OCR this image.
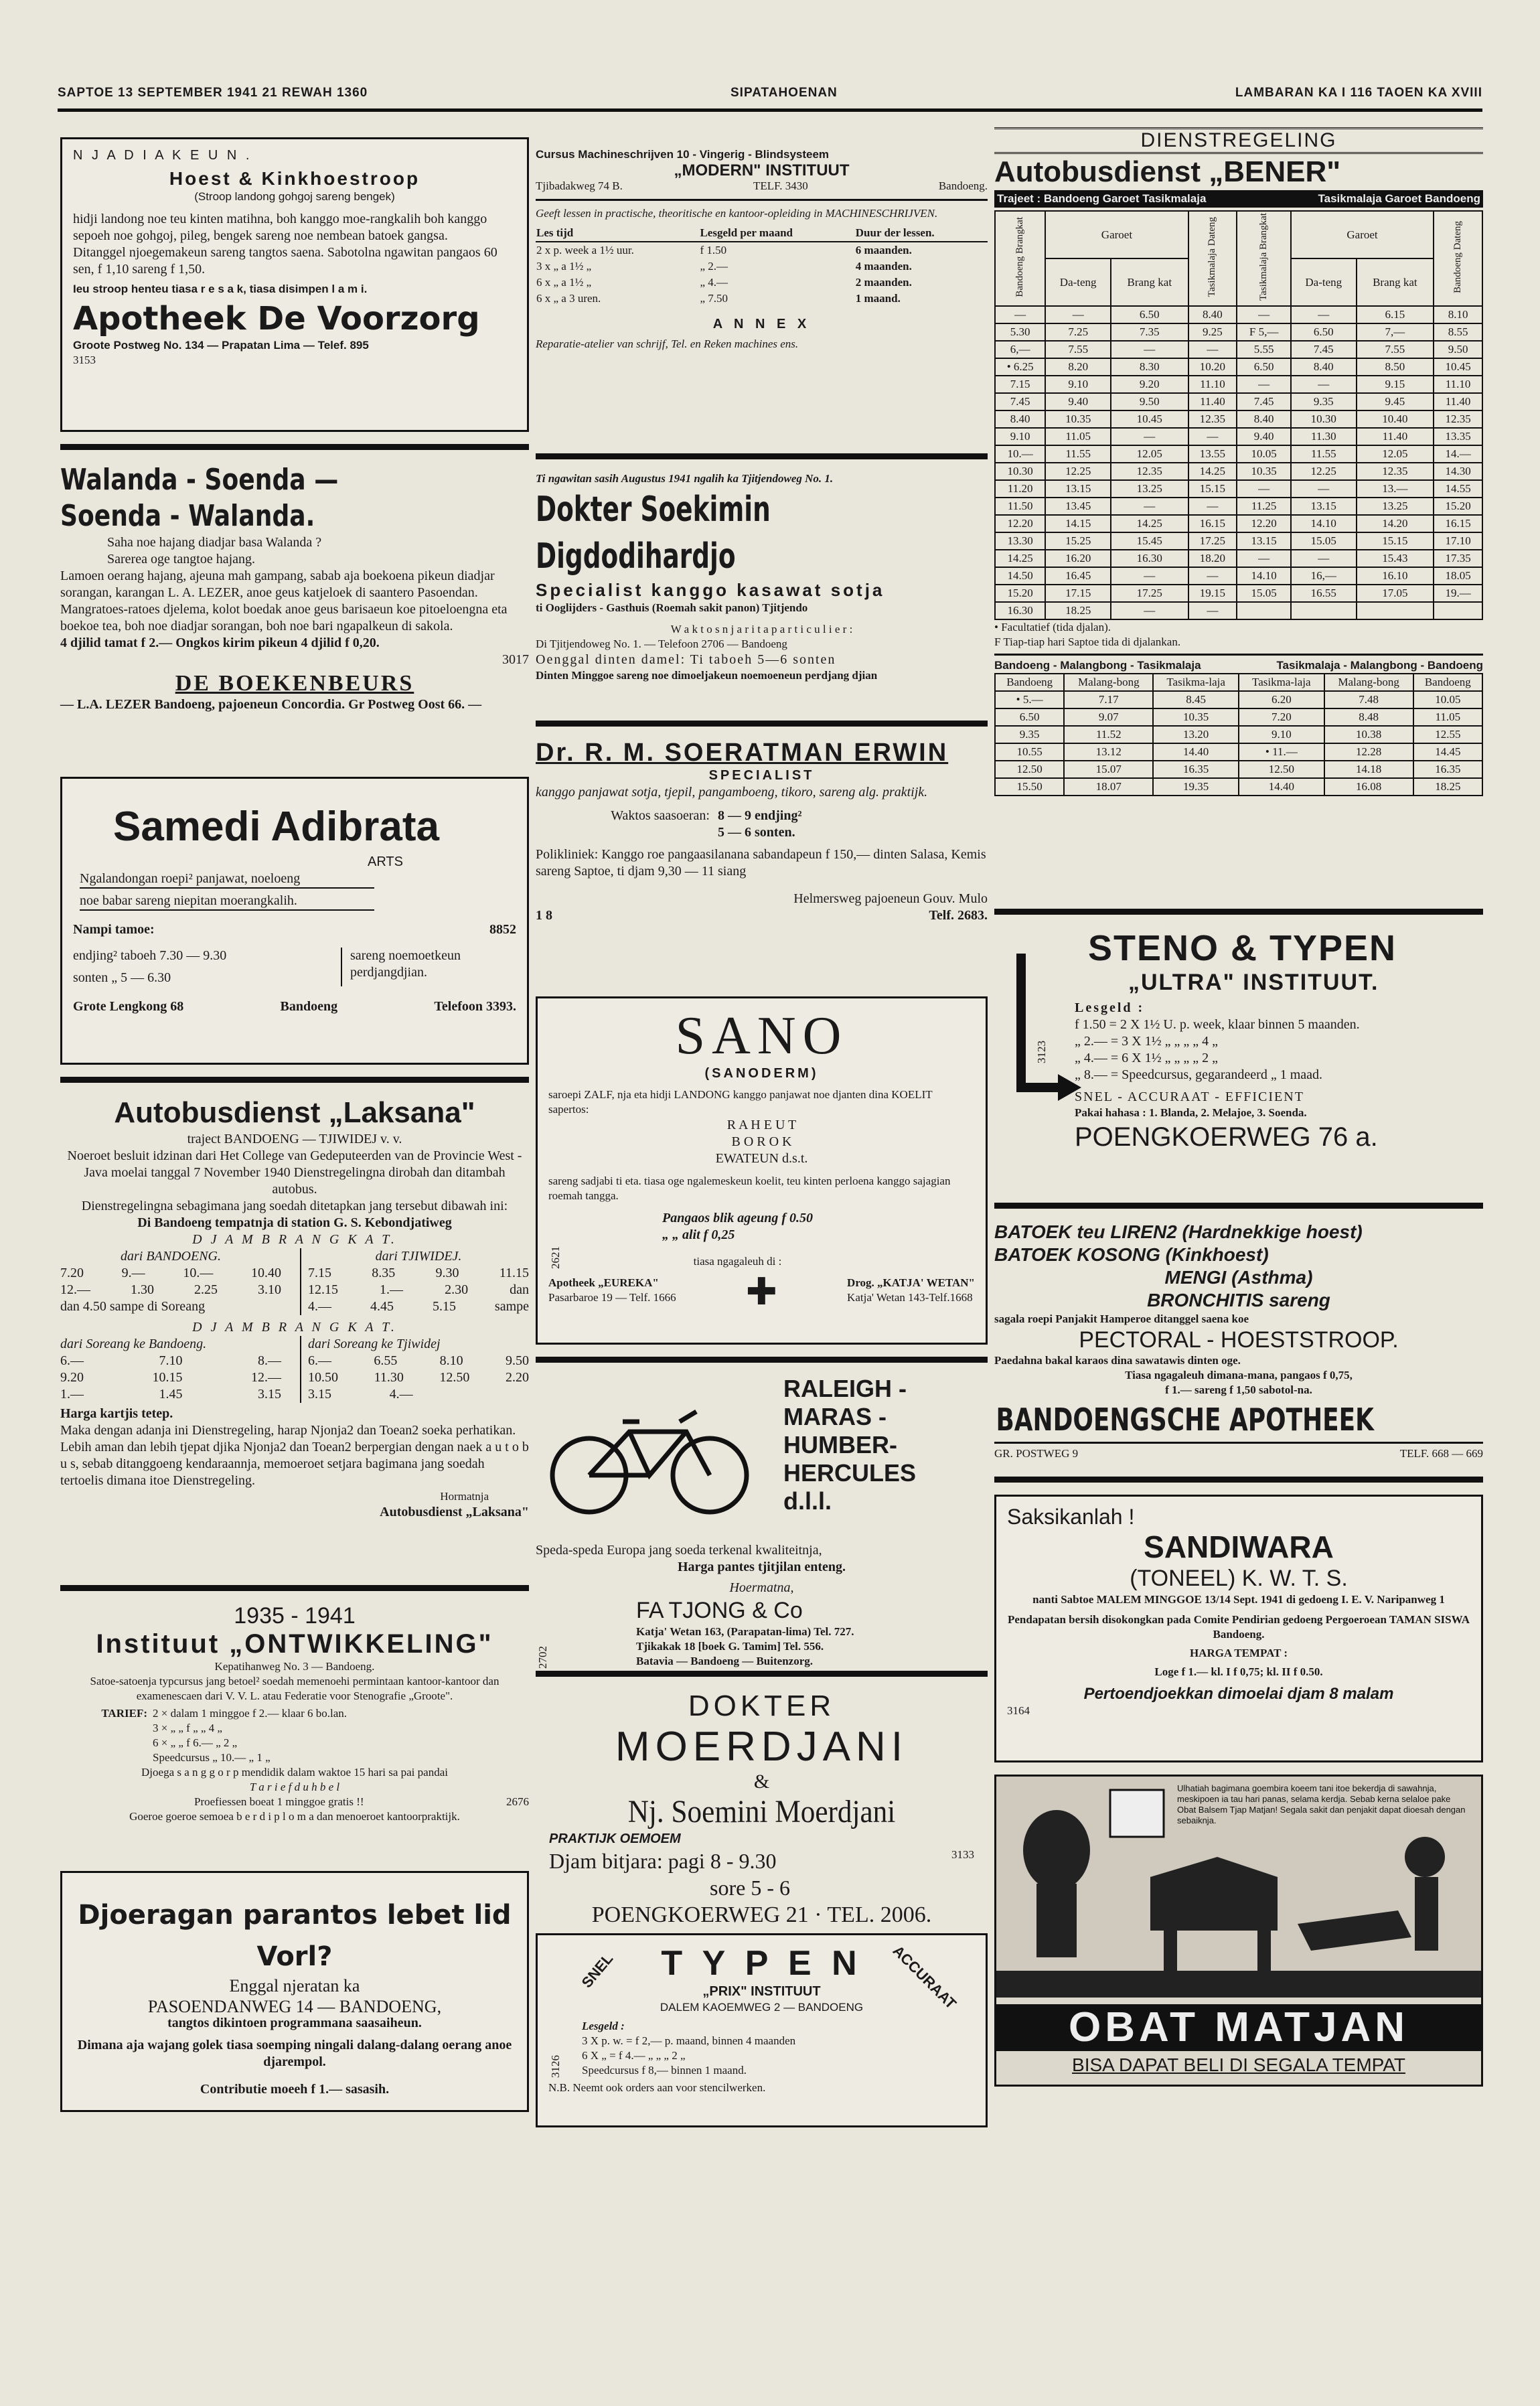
SAPTOE 13 SEPTEMBER 1941 21 REWAH 1360	SIPATAHOENAN	LAMBARAN KA I 116 TAOEN KA XVIII

N J A D I A K E U N .

Hoest & Kinkhoestroop

(Stroop landong gohgoj sareng bengek)

hidji landong noe teu kinten matihna, boh kanggo moe-rangkalih boh kanggo sepoeh noe gohgoj, pileg, bengek sareng noe nembean batoek gangsa.

Ditanggel njoegemakeun sareng tangtos saena. Sabotolna ngawitan pangaos 60 sen, f 1,10 sareng f 1,50.

Ieu stroop henteu tiasa r e s a k, tiasa disimpen l a m i.

Apotheek De Voorzorg

Groote Postweg No. 134 — Prapatan Lima — Telef. 895

3153

Walanda - Soenda — Soenda - Walanda.

Saha noe hajang diadjar basa Walanda ?

Sarerea oge tangtoe hajang.

Lamoen oerang hajang, ajeuna mah gampang, sabab aja boekoena pikeun diadjar sorangan, karangan L. A. LEZER, anoe geus katjeloek di saantero Pasoendan.

Mangratoes-ratoes djelema, kolot boedak anoe geus barisaeun koe pitoeloengna eta boekoe tea, boh noe diadjar sorangan, boh noe bari ngapalkeun di sakola.

4 djilid tamat f 2.— Ongkos kirim pikeun 4 djilid f 0,20.

3017

DE BOEKENBEURS

— L.A. LEZER Bandoeng, pajoeneun Concordia. Gr Postweg Oost 66. —

Samedi Adibrata

ARTS

Ngalandongan roepi² panjawat, noeloeng

noe babar sareng niepitan moerangkalih.

Nampi tamoe:	8852

endjing² taboeh 7.30 — 9.30

sonten „ 5 — 6.30

sareng noemoetkeun perdjangdjian.

Grote Lengkong 68	Bandoeng	Telefoon 3393.

Autobusdienst „Laksana"

traject BANDOENG — TJIWIDEJ v. v.

Noeroet besluit idzinan dari Het College van Gedeputeerden van de Provincie West - Java moelai tanggal 7 November 1940 Dienstregelingna dirobah dan ditambah autobus.

Dienstregelingna sebagimana jang soedah ditetapkan jang tersebut dibawah ini:

Di Bandoeng tempatnja di station G. S. Kebondjatiweg

D J A M B R A N G K A T.

dari BANDOENG.

7.20	9.—	10.—	10.40
12.—	1.30	2.25	3.10
dan 4.50 sampe di Soreang

dari TJIWIDEJ.

7.15	8.35	9.30	11.15
12.15	1.—	2.30	dan
4.—	4.45	5.15	sampe

D J A M B R A N G K A T.

dari Soreang ke Bandoeng.

6.—	7.10	8.—
9.20	10.15	12.—
1.—	1.45	3.15

dari Soreang ke Tjiwidej

6.—	6.55	8.10	9.50
10.50	11.30	12.50	2.20
3.15	4.—

Harga kartjis tetep.

Maka dengan adanja ini Dienstregeling, harap Njonja2 dan Toean2 soeka perhatikan.

Lebih aman dan lebih tjepat djika Njonja2 dan Toean2 berpergian dengan naek a u t o b u s, sebab ditanggoeng kendaraannja, memoeroet setjara bagimana jang soedah tertoelis dimana itoe Dienstregeling.

Hormatnja

Autobusdienst „Laksana"

1935 - 1941

Instituut „ONTWIKKELING"

Kepatihanweg No. 3 — Bandoeng.

Satoe-satoenja typcursus jang betoel² soedah memenoehi permintaan kantoor-kantoor dan examenescaen dari V. V. L. atau Federatie voor Stenografie „Groote".

TARIEF: 2 × dalam 1 minggoe f 2.— klaar 6 bo.lan.

3 × „ „ f „ „ 4 „

6 × „ „ f 6.— „ 2 „

Speedcursus „ 10.— „ 1 „

Djoega s a n g g o r p mendidik dalam waktoe 15 hari sa pai pandai

T a r i e f d u h b e l

Proefiessen boeat 1 minggoe gratis !!	2676

Goeroe goeroe semoea b e r d i p l o m a dan menoeroet kantoorpraktijk.

Djoeragan parantos lebet lid Vorl?

Enggal njeratan ka

PASOENDANWEG 14 — BANDOENG,

tangtos dikintoen programmana saasaiheun.

Dimana aja wajang golek tiasa soemping ningali dalang-dalang oerang anoe djarempol.

Contributie moeeh f 1.— sasasih.

Cursus Machineschrijven 10 - Vingerig - Blindsysteem

„MODERN" INSTITUUT

Tjibadakweg 74 B.	TELF. 3430	Bandoeng.

Geeft lessen in practische, theoritische en kantoor-opleiding in MACHINESCHRIJVEN.

Les tijd	Lesgeld per maand	Duur der lessen.
2 x p. week a 1½ uur.	f 1.50	6 maanden.
3 x „ a 1½ „	„ 2.—	4 maanden.
6 x „ a 1½ „	„ 4.—	2 maanden.
6 x „ a 3 uren.	„ 7.50	1 maand.

A N N E X

Reparatie-atelier van schrijf, Tel. en Reken machines ens.

Ti ngawitan sasih Augustus 1941 ngalih ka Tjitjendoweg No. 1.

Dokter Soekimin Digdodihardjo

Specialist kanggo kasawat sotja

ti Ooglijders - Gasthuis (Roemah sakit panon) Tjitjendo

W a k t o s n j a r i t a p a r t i c u l i e r :

Di Tjitjendoweg No. 1. — Telefoon 2706 — Bandoeng

Oenggal dinten damel: Ti taboeh 5—6 sonten

Dinten Minggoe sareng noe dimoeljakeun noemoeneun perdjang djian

Dr. R. M. SOERATMAN ERWIN

SPECIALIST

kanggo panjawat sotja, tjepil, pangamboeng, tikoro, sareng alg. praktijk.

Waktos saasoeran: 8 — 9 endjing²

5 — 6 sonten.

Polikliniek: Kanggo roe pangaasilanana sabandapeun f 150,— dinten Salasa, Kemis sareng Saptoe, ti djam 9,30 — 11 siang

Helmersweg pajoeneun Gouv. Mulo

1 8	Telf. 2683.

SANO

(SANODERM)

saroepi ZALF, nja eta hidji LANDONG kanggo panjawat noe djanten dina KOELIT sapertos:

R A H E U T

B O R O K

EWATEUN d.s.t.

sareng sadjabi ti eta. tiasa oge ngalemeskeun koelit, teu kinten perloena kanggo sajagian roemah tangga.

2621

Pangaos blik ageung f 0.50

„ „ alit f 0,25

tiasa ngagaleuh di :

Apotheek „EUREKA"

Pasarbaroe 19 — Telf. 1666 ✚	Drog. „KATJA' WETAN"

Katja' Wetan 143-Telf.1668

RALEIGH -

MARAS -

HUMBER-

HERCULES

d.l.l.

Speda-speda Europa jang soeda terkenal kwaliteitnja,

Harga pantes tjitjilan enteng.

Hoermatna,

2702

FA TJONG & Co

Katja' Wetan 163, (Parapatan-lima) Tel. 727.

Tjikakak 18 [boek G. Tamim] Tel. 556.

Batavia — Bandoeng — Buitenzorg.

DOKTER

MOERDJANI

&

Nj. Soemini Moerdjani

PRAKTIJK OEMOEM

Djam bitjara: pagi 8 - 9.30	3133

sore 5 - 6

POENGKOERWEG 21 · TEL. 2006.

SNEL	ACCURAAT

T Y P E N

„PRIX" INSTITUUT

DALEM KAOEMWEG 2 — BANDOENG

3126

Lesgeld :

3 X p. w. = f 2,— p. maand, binnen 4 maanden

6 X „ = f 4.— „ „ „ 2 „

Speedcursus f 8,— binnen 1 maand.

N.B. Neemt ook orders aan voor stencilwerken.

DIENSTREGELING

Autobusdienst „BENER"

Trajeet : Bandoeng Garoet Tasikmalaja	Tasikmalaja Garoet Bandoeng
Bandoeng Brangkat	Garoet		Tasikmalaja Dateng	Tasikmalaja Brangkat	Garoet		Bandoeng Dateng
	Da-teng	Brang kat			Da-teng	Brang kat	
—	—	6.50	8.40	—	—	6.15	8.10
5.30	7.25	7.35	9.25	F 5,—	6.50	7,—	8.55
6,—	7.55	—	—	5.55	7.45	7.55	9.50
• 6.25	8.20	8.30	10.20	6.50	8.40	8.50	10.45
7.15	9.10	9.20	11.10	—	—	9.15	11.10
7.45	9.40	9.50	11.40	7.45	9.35	9.45	11.40
8.40	10.35	10.45	12.35	8.40	10.30	10.40	12.35
9.10	11.05	—	—	9.40	11.30	11.40	13.35
10.—	11.55	12.05	13.55	10.05	11.55	12.05	14.—
10.30	12.25	12.35	14.25	10.35	12.25	12.35	14.30
11.20	13.15	13.25	15.15	—	—	13.—	14.55
11.50	13.45	—	—	11.25	13.15	13.25	15.20
12.20	14.15	14.25	16.15	12.20	14.10	14.20	16.15
13.30	15.25	15.45	17.25	13.15	15.05	15.15	17.10
14.25	16.20	16.30	18.20	—	—	15.43	17.35
14.50	16.45	—	—	14.10	16,—	16.10	18.05
15.20	17.15	17.25	19.15	15.05	16.55	17.05	19.—
16.30	18.25	—	—				

• Facultatief (tida djalan).

F Tiap-tiap hari Saptoe tida di djalankan.

Bandoeng - Malangbong - Tasikmalaja	Tasikmalaja - Malangbong - Bandoeng
Bandoeng	Malang-bong	Tasikma-laja	Tasikma-laja	Malang-bong	Bandoeng
• 5.—	7.17	8.45	6.20	7.48	10.05
6.50	9.07	10.35	7.20	8.48	11.05
9.35	11.52	13.20	9.10	10.38	12.55
10.55	13.12	14.40	• 11.—	12.28	14.45
12.50	15.07	16.35	12.50	14.18	16.35
15.50	18.07	19.35	14.40	16.08	18.25

STENO & TYPEN

„ULTRA" INSTITUUT.

Lesgeld :

f 1.50 = 2 X 1½ U. p. week, klaar binnen 5 maanden.

„ 2.— = 3 X 1½ „ „ „ „ 4 „

„ 4.— = 6 X 1½ „ „ „ „ 2 „

„ 8.— = Speedcursus, gegarandeerd „ 1 maad.

SNEL - ACCURAAT - EFFICIENT

Pakai hahasa : 1. Blanda, 2. Melajoe, 3. Soenda.

POENGKOERWEG 76 a.

3123

BATOEK teu LIREN2 (Hardnekkige hoest)

BATOEK KOSONG (Kinkhoest)

MENGI (Asthma)

BRONCHITIS sareng

sagala roepi Panjakit Hamperoe ditanggel saena koe

PECTORAL - HOESTSTROOP.

Paedahna bakal karaos dina sawatawis dinten oge.

Tiasa ngagaleuh dimana-mana, pangaos f 0,75,

f 1.— sareng f 1,50 sabotol-na.

BANDOENGSCHE APOTHEEK

GR. POSTWEG 9	TELF. 668 — 669

Saksikanlah !

SANDIWARA

(TONEEL) K. W. T. S.

nanti Sabtoe MALEM MINGGOE 13/14 Sept. 1941 di gedoeng I. E. V. Naripanweg 1

Pendapatan bersih disokongkan pada Comite Pendirian gedoeng Pergoeroean TAMAN SISWA Bandoeng.

HARGA TEMPAT :

Loge f 1.— kl. I f 0,75; kl. II f 0.50.

Pertoendjoekkan dimoelai djam 8 malam

3164

Ulhatiah bagimana goembira koeem tani itoe bekerdja di sawahnja, meskipoen ia tau hari panas, selama kerdja. Sebab kerna selaloe pake Obat Balsem Tjap Matjan! Segala sakit dan penjakit dapat dioesah dengan sebaiknja.

OBAT MATJAN

BISA DAPAT BELI DI SEGALA TEMPAT
